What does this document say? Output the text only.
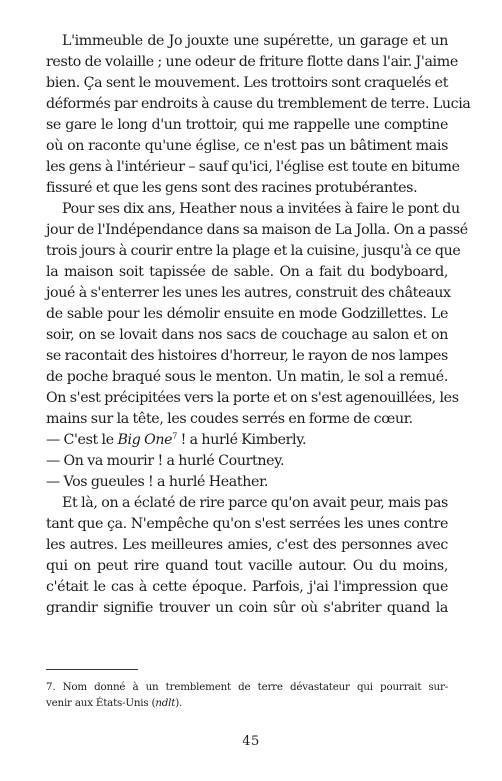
L'immeuble de Jo jouxte une supérette, un garage et un
resto de volaille ; une odeur de friture flotte dans l'air. J'aime
bien. Ça sent le mouvement. Les trottoirs sont craquelés et
déformés par endroits à cause du tremblement de terre. Lucia
se gare le long d'un trottoir, qui me rappelle une comptine
où on raconte qu'une église, ce n'est pas un bâtiment mais
les gens à l'intérieur – sauf qu'ici, l'église est toute en bitume
fissuré et que les gens sont des racines protubérantes.
Pour ses dix ans, Heather nous a invitées à faire le pont du
jour de l'Indépendance dans sa maison de La Jolla. On a passé
trois jours à courir entre la plage et la cuisine, jusqu'à ce que
la maison soit tapissée de sable. On a fait du bodyboard,
joué à s'enterrer les unes les autres, construit des châteaux
de sable pour les démolir ensuite en mode Godzillettes. Le
soir, on se lovait dans nos sacs de couchage au salon et on
se racontait des histoires d'horreur, le rayon de nos lampes
de poche braqué sous le menton. Un matin, le sol a remué.
On s'est précipitées vers la porte et on s'est agenouillées, les
mains sur la tête, les coudes serrés en forme de cœur.
— C'est le Big One$^7$ ! a hurlé Kimberly.
— On va mourir ! a hurlé Courtney.
— Vos gueules ! a hurlé Heather.
Et là, on a éclaté de rire parce qu'on avait peur, mais pas
tant que ça. N'empêche qu'on s'est serrées les unes contre
les autres. Les meilleures amies, c'est des personnes avec
qui on peut rire quand tout vacille autour. Ou du moins,
c'était le cas à cette époque. Parfois, j'ai l'impression que
grandir signifie trouver un coin sûr où s'abriter quand la
7. Nom donné à un tremblement de terre dévastateur qui pourrait sur-
venir aux États-Unis (ndlt).
45
